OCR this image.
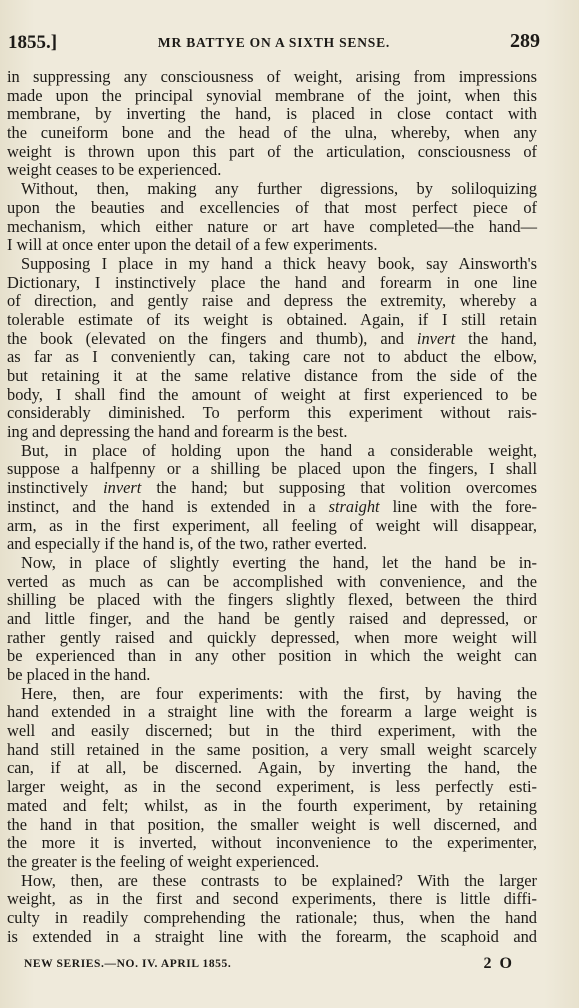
1855.]	MR BATTYE ON A SIXTH SENSE.	289
in suppressing any consciousness of weight, arising from impressions
made upon the principal synovial membrane of the joint, when this
membrane, by inverting the hand, is placed in close contact with
the cuneiform bone and the head of the ulna, whereby, when any
weight is thrown upon this part of the articulation, consciousness of
weight ceases to be experienced.
Without, then, making any further digressions, by soliloquizing
upon the beauties and excellencies of that most perfect piece of
mechanism, which either nature or art have completed—the hand—
I will at once enter upon the detail of a few experiments.
Supposing I place in my hand a thick heavy book, say Ainsworth's
Dictionary, I instinctively place the hand and forearm in one line
of direction, and gently raise and depress the extremity, whereby a
tolerable estimate of its weight is obtained. Again, if I still retain
the book (elevated on the fingers and thumb), and invert the hand,
as far as I conveniently can, taking care not to abduct the elbow,
but retaining it at the same relative distance from the side of the
body, I shall find the amount of weight at first experienced to be
considerably diminished. To perform this experiment without rais-
ing and depressing the hand and forearm is the best.
But, in place of holding upon the hand a considerable weight,
suppose a halfpenny or a shilling be placed upon the fingers, I shall
instinctively invert the hand; but supposing that volition overcomes
instinct, and the hand is extended in a straight line with the fore-
arm, as in the first experiment, all feeling of weight will disappear,
and especially if the hand is, of the two, rather everted.
Now, in place of slightly everting the hand, let the hand be in-
verted as much as can be accomplished with convenience, and the
shilling be placed with the fingers slightly flexed, between the third
and little finger, and the hand be gently raised and depressed, or
rather gently raised and quickly depressed, when more weight will
be experienced than in any other position in which the weight can
be placed in the hand.
Here, then, are four experiments: with the first, by having the
hand extended in a straight line with the forearm a large weight is
well and easily discerned; but in the third experiment, with the
hand still retained in the same position, a very small weight scarcely
can, if at all, be discerned. Again, by inverting the hand, the
larger weight, as in the second experiment, is less perfectly esti-
mated and felt; whilst, as in the fourth experiment, by retaining
the hand in that position, the smaller weight is well discerned, and
the more it is inverted, without inconvenience to the experimenter,
the greater is the feeling of weight experienced.
How, then, are these contrasts to be explained? With the larger
weight, as in the first and second experiments, there is little diffi-
culty in readily comprehending the rationale; thus, when the hand
is extended in a straight line with the forearm, the scaphoid and
NEW SERIES.—NO. IV. APRIL 1855.	2 O
